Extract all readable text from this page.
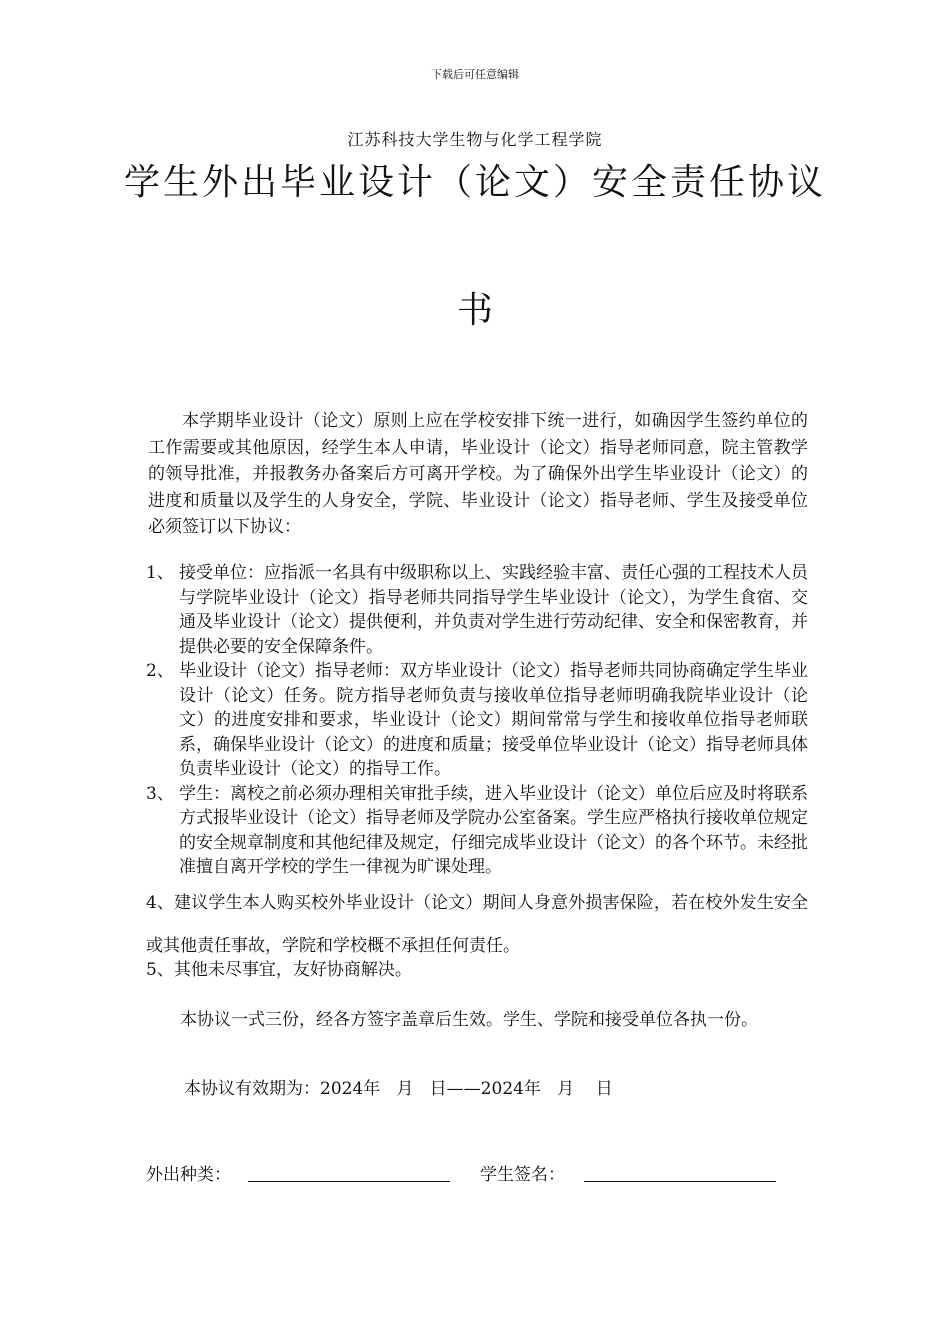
下载后可任意编辑
江苏科技大学生物与化学工程学院
学生外出毕业设计（论文）安全责任协议
书

本学期毕业设计（论文）原则上应在学校安排下统一进行，如确因学生签约单位的工作需要或其他原因，经学生本人申请，毕业设计（论文）指导老师同意，院主管教学的领导批准，并报教务办备案后方可离开学校。为了确保外出学生毕业设计（论文）的进度和质量以及学生的人身安全，学院、毕业设计（论文）指导老师、学生及接受单位必须签订以下协议：

1、 接受单位：应指派一名具有中级职称以上、实践经验丰富、责任心强的工程技术人员与学院毕业设计（论文）指导老师共同指导学生毕业设计（论文），为学生食宿、交通及毕业设计（论文）提供便利，并负责对学生进行劳动纪律、安全和保密教育，并提供必要的安全保障条件。
2、 毕业设计（论文）指导老师：双方毕业设计（论文）指导老师共同协商确定学生毕业设计（论文）任务。院方指导老师负责与接收单位指导老师明确我院毕业设计（论文）的进度安排和要求，毕业设计（论文）期间常常与学生和接收单位指导老师联系，确保毕业设计（论文）的进度和质量；接受单位毕业设计（论文）指导老师具体负责毕业设计（论文）的指导工作。
3、 学生：离校之前必须办理相关审批手续，进入毕业设计（论文）单位后应及时将联系方式报毕业设计（论文）指导老师及学院办公室备案。学生应严格执行接收单位规定的安全规章制度和其他纪律及规定，仔细完成毕业设计（论文）的各个环节。未经批准擅自离开学校的学生一律视为旷课处理。

4、建议学生本人购买校外毕业设计（论文）期间人身意外损害保险，若在校外发生安全或其他责任事故，学院和学校概不承担任何责任。

5、其他未尽事宜，友好协商解决。

本协议一式三份，经各方签字盖章后生效。学生、学院和接受单位各执一份。

本协议有效期为：2024年   月   日——2024年   月    日

外出种类：	学生签名：
